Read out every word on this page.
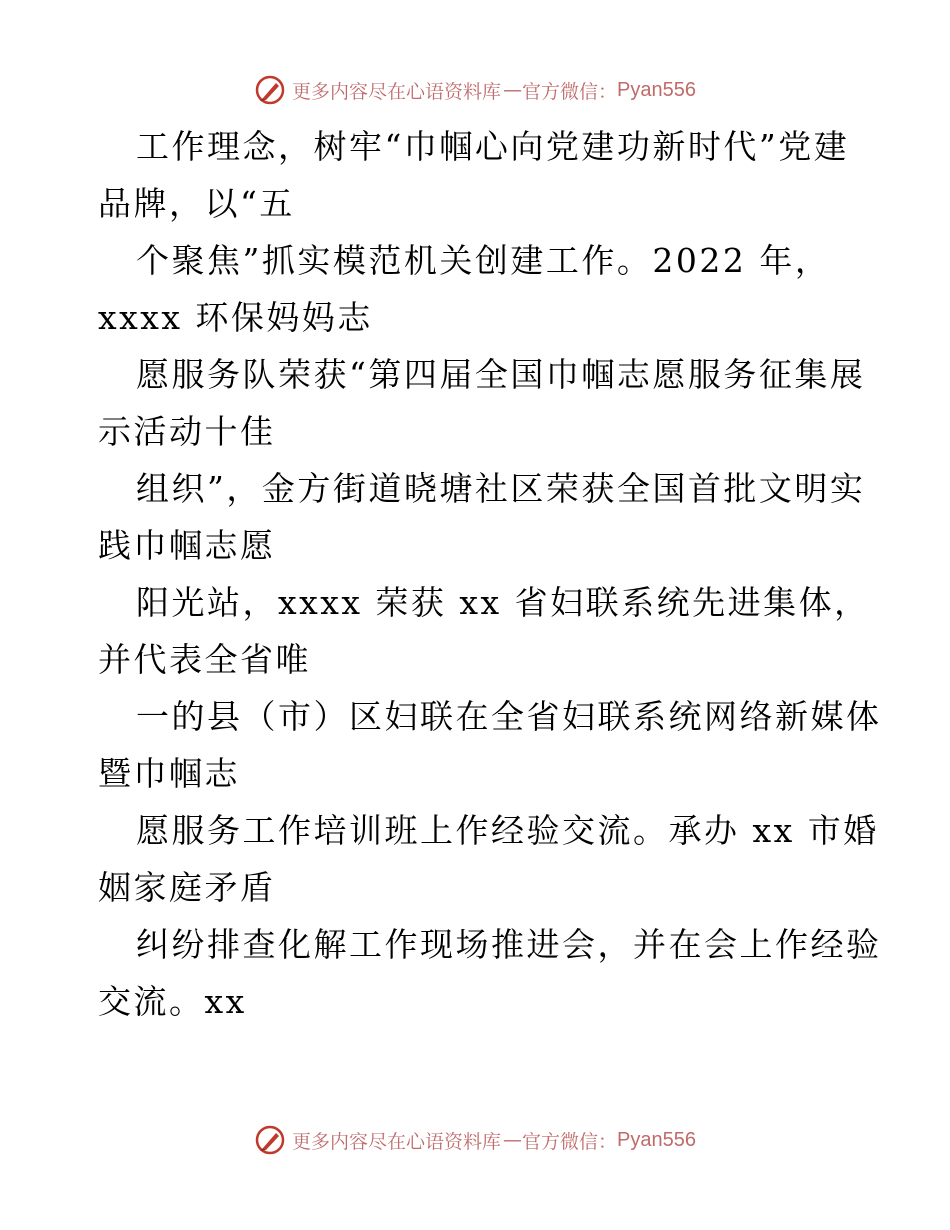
更多内容尽在心语资料库 — 官方微信： Pyan556
工作理念，树牢“巾帼心向党建功新时代”党建
品牌，以“五
个聚焦”抓实模范机关创建工作。2022 年，
xxxx 环保妈妈志
愿服务队荣获“第四届全国巾帼志愿服务征集展
示活动十佳
组织”，金方街道晓塘社区荣获全国首批文明实
践巾帼志愿
阳光站，xxxx 荣获 xx 省妇联系统先进集体，
并代表全省唯
一的县（市）区妇联在全省妇联系统网络新媒体
暨巾帼志
愿服务工作培训班上作经验交流。承办 xx 市婚
姻家庭矛盾
纠纷排查化解工作现场推进会，并在会上作经验
交流。xx
更多内容尽在心语资料库 — 官方微信： Pyan556
